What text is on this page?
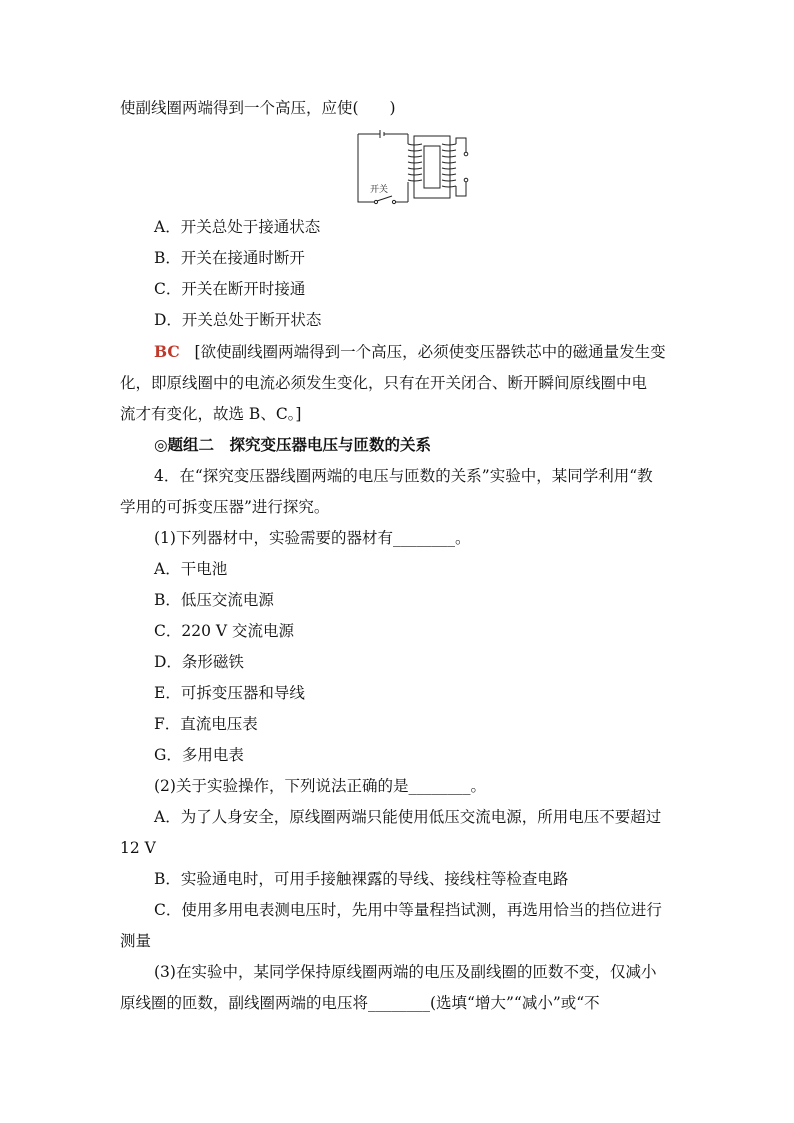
使副线圈两端得到一个高压，应使(　　)
开关
A．开关总处于接通状态
B．开关在接通时断开
C．开关在断开时接通
D．开关总处于断开状态
BC [欲使副线圈两端得到一个高压，必须使变压器铁芯中的磁通量发生变
化，即原线圈中的电流必须发生变化，只有在开关闭合、断开瞬间原线圈中电
流才有变化，故选 B、C。]
◎题组二　探究变压器电压与匝数的关系
4．在“探究变压器线圈两端的电压与匝数的关系”实验中，某同学利用“教
学用的可拆变压器”进行探究。
(1)下列器材中，实验需要的器材有________。
A．干电池
B．低压交流电源
C．220 V 交流电源
D．条形磁铁
E．可拆变压器和导线
F．直流电压表
G．多用电表
(2)关于实验操作，下列说法正确的是________。
A．为了人身安全，原线圈两端只能使用低压交流电源，所用电压不要超过
12 V
B．实验通电时，可用手接触裸露的导线、接线柱等检查电路
C．使用多用电表测电压时，先用中等量程挡试测，再选用恰当的挡位进行
测量
(3)在实验中，某同学保持原线圈两端的电压及副线圈的匝数不变，仅减小
原线圈的匝数，副线圈两端的电压将________(选填“增大”“减小”或“不
